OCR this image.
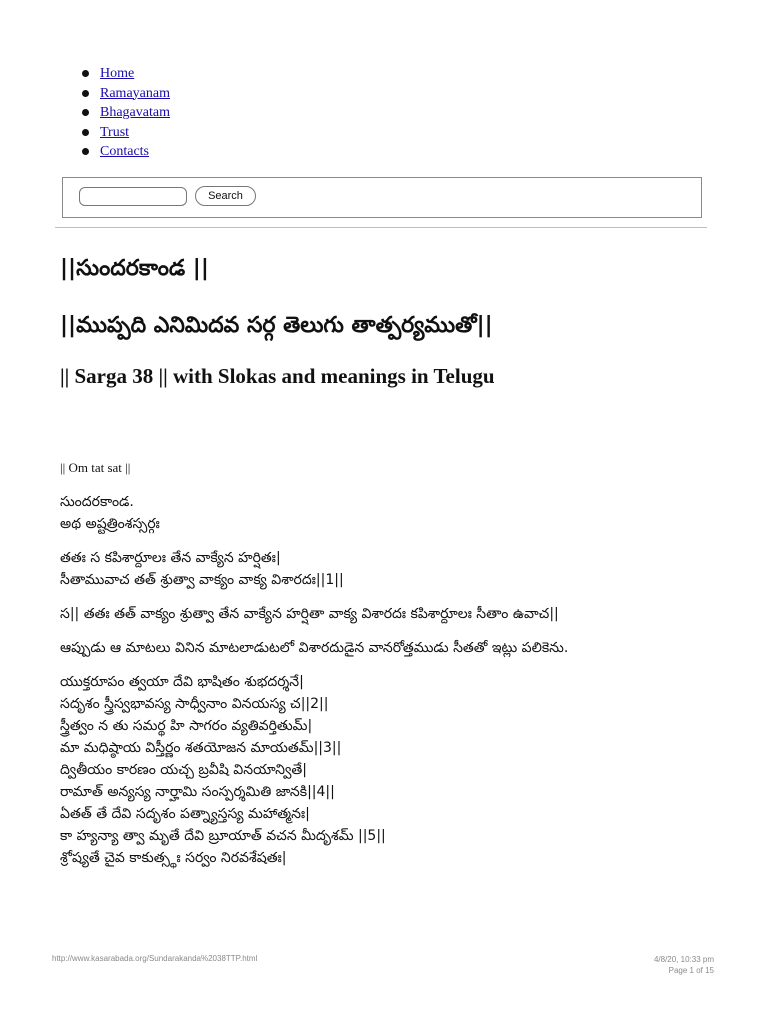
Home
Ramayanam
Bhagavatam
Trust
Contacts
Search
||సుందరకాండ ||
||ముప్పది ఎనిమిదవ సర్గ తెలుగు తాత్పర్యముతో||
|| Sarga 38 || with Slokas and meanings in Telugu
|| Om tat sat ||

సుందరకాండ.
అథ అష్టత్రింశస్సర్గః

తతః స కపిశార్దూలః తేన వాక్యేన హర్షితః|
సీతామువాచ తత్ శ్రుత్వా వాక్యం వాక్య విశారదః||1||

స|| తతః తత్ వాక్యం శ్రుత్వా తేన వాక్యేన హర్షితా వాక్య విశారదః కపిశార్దూలః సీతాం ఉవాచ||

ఆప్పుడు ఆ మాటలు వినిన మాటలాడుటలో విశారదుడైన వానరోత్తముడు సీతతో ఇట్లు పలికెను.

యుక్తరూపం త్వయా దేవి భాషితం శుభదర్శనే|
సదృశం స్త్రీస్వభావస్య సాధ్వీనాం వినయస్య చ||2||
స్త్రీత్వం న తు సమర్థ హి సాగరం వ్యతివర్తితుమ్|
మా మధిష్ఠాయ విస్తీర్ణం శతయోజన మాయతమ్||3||
ద్వితీయం కారణం యచ్చ బ్రవీషి వినయాన్వితే|
రామాత్ అన్యస్య నార్హామి సంస్పర్శమితి జానకి||4||
ఏతత్ తే దేవి సదృశం పత్న్యాస్తస్య మహాత్మనః|
కా హ్యన్యా త్వా మృతే దేవి బ్రూయాత్ వచన మీదృశమ్ ||5||
శ్రోష్యతే చైవ కాకుత్స్థః సర్వం నిరవశేషతః|

http://www.kasarabada.org/Sundarakanda%2038TTP.html	4/8/20, 10:33 pm
Page 1 of 15
